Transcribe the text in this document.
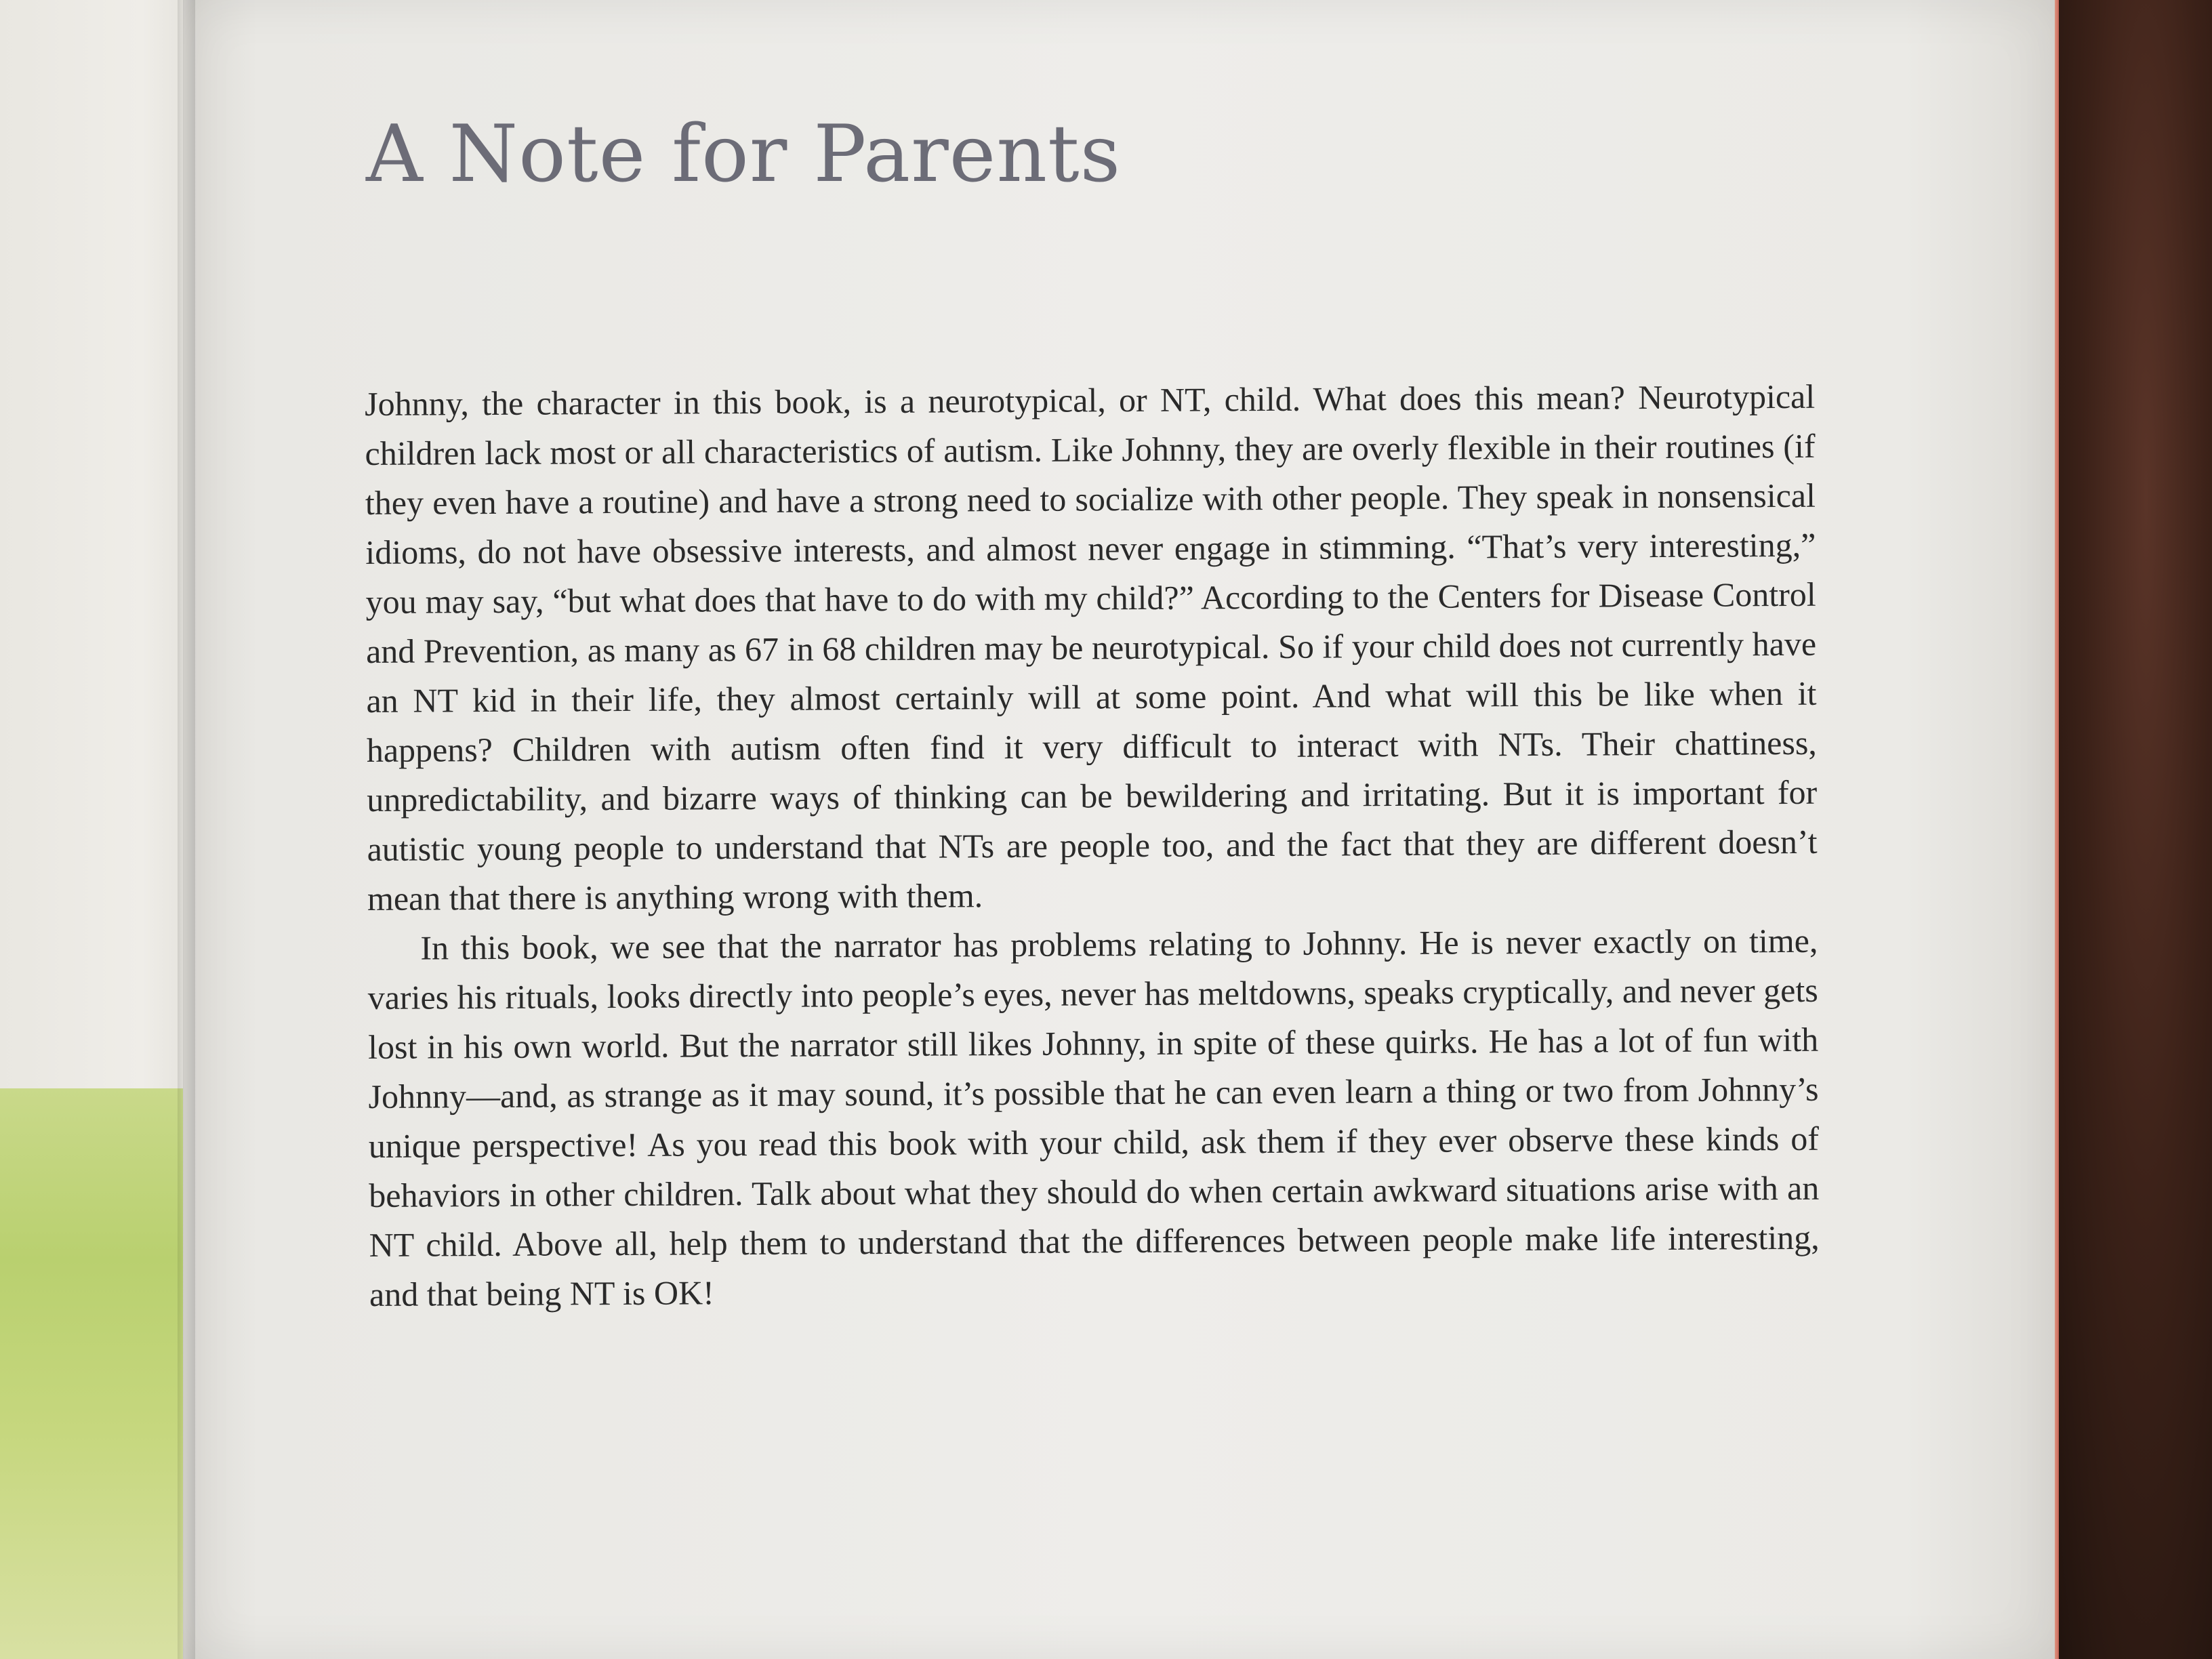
A Note for Parents

Johnny, the character in this book, is a neurotypical, or NT, child. What does this mean? Neurotypical children lack most or all characteristics of autism. Like Johnny, they are overly flexible in their routines (if they even have a routine) and have a strong need to socialize with other people. They speak in nonsensical idioms, do not have obsessive interests, and almost never engage in stimming. “That’s very interesting,” you may say, “but what does that have to do with my child?” According to the Centers for Disease Control and Prevention, as many as 67 in 68 children may be neurotypical. So if your child does not currently have an NT kid in their life, they almost certainly will at some point. And what will this be like when it happens? Children with autism often find it very difficult to interact with NTs. Their chattiness, unpredictability, and bizarre ways of thinking can be bewildering and irritating. But it is important for autistic young people to understand that NTs are people too, and the fact that they are different doesn’t mean that there is anything wrong with them.

In this book, we see that the narrator has problems relating to Johnny. He is never exactly on time, varies his rituals, looks directly into people’s eyes, never has meltdowns, speaks cryptically, and never gets lost in his own world. But the narrator still likes Johnny, in spite of these quirks. He has a lot of fun with Johnny—and, as strange as it may sound, it’s possible that he can even learn a thing or two from Johnny’s unique perspective! As you read this book with your child, ask them if they ever observe these kinds of behaviors in other children. Talk about what they should do when certain awkward situations arise with an NT child. Above all, help them to understand that the differences between people make life interesting, and that being NT is OK!
